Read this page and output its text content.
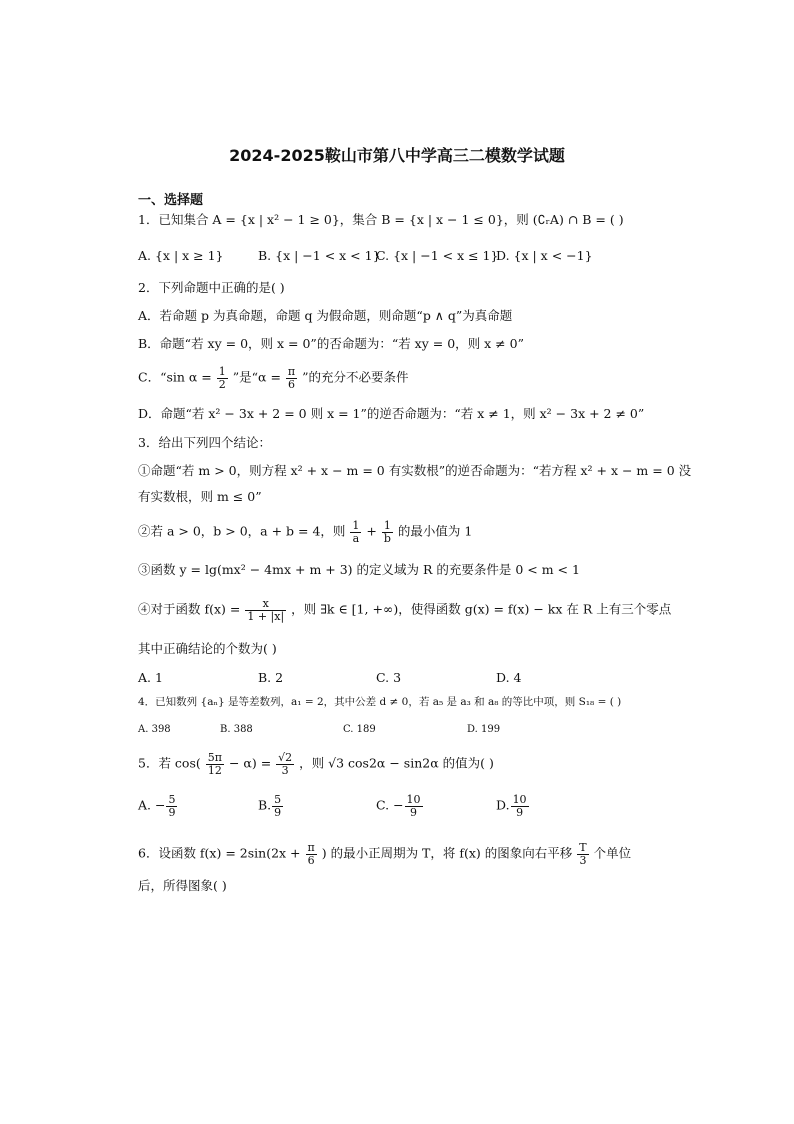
2024-2025鞍山市第八中学高三二模数学试题
一、选择题
1．已知集合 A = {x | x² − 1 ≥ 0}，集合 B = {x | x − 1 ≤ 0}，则 (∁ᵣA) ∩ B = ( )
A. {x | x ≥ 1}	B. {x | −1 < x < 1}
C. {x | −1 < x ≤ 1}
D. {x | x < −1}
2．下列命题中正确的是( )
A．若命题 p 为真命题，命题 q 为假命题，则命题“p ∧ q”为真命题
B．命题“若 xy = 0，则 x = 0”的否命题为：“若 xy = 0，则 x ≠ 0”
C．“sin $\alpha = \frac{1}{2}$ ”是“$\alpha = \frac{\pi}{6}$ ”的充分不必要条件
D．命题“若 x² − 3x + 2 = 0 则 x = 1”的逆否命题为：“若 x ≠ 1，则 x² − 3x + 2 ≠ 0”
3．给出下列四个结论：
①命题“若 m > 0，则方程 x² + x − m = 0 有实数根”的逆否命题为：“若方程 x² + x − m = 0 没
有实数根，则 m ≤ 0”
②若 a > 0，b > 0，a + b = 4，则 $\frac{1}{a} + \frac{1}{b}$ 的最小值为 1
③函数 y = lg(mx² − 4mx + m + 3) 的定义域为 R 的充要条件是 0 < m < 1
④对于函数 $f(x) = \frac{x}{1 + |x|}$ ，则 ∃k ∈ [1, +∞)，使得函数 g(x) = f(x) − kx 在 R 上有三个零点
其中正确结论的个数为( )
A. 1	B. 2	C. 3	D. 4
4．已知数列 {aₙ} 是等差数列，a₁ = 2，其中公差 d ≠ 0，若 a₅ 是 a₃ 和 a₈ 的等比中项，则 S₁₈ = ( )
A. 398	B. 388	C. 189	D. 199
5．若 $\cos( \frac{5\pi}{12} - \alpha) = \frac{√2}{3}$ ，则 √3 cos2α − sin2α 的值为( )
A. − $\frac{5}{9}$	B. $\frac{5}{9}$	C. − $\frac{10}{9}$	D. $\frac{10}{9}$
6．设函数 $f(x) = 2\sin(2x + \frac{\pi}{6}$ ) 的最小正周期为 T，将 f(x) 的图象向右平移 $\frac{T}{3}$ 个单位
后，所得图象( )
